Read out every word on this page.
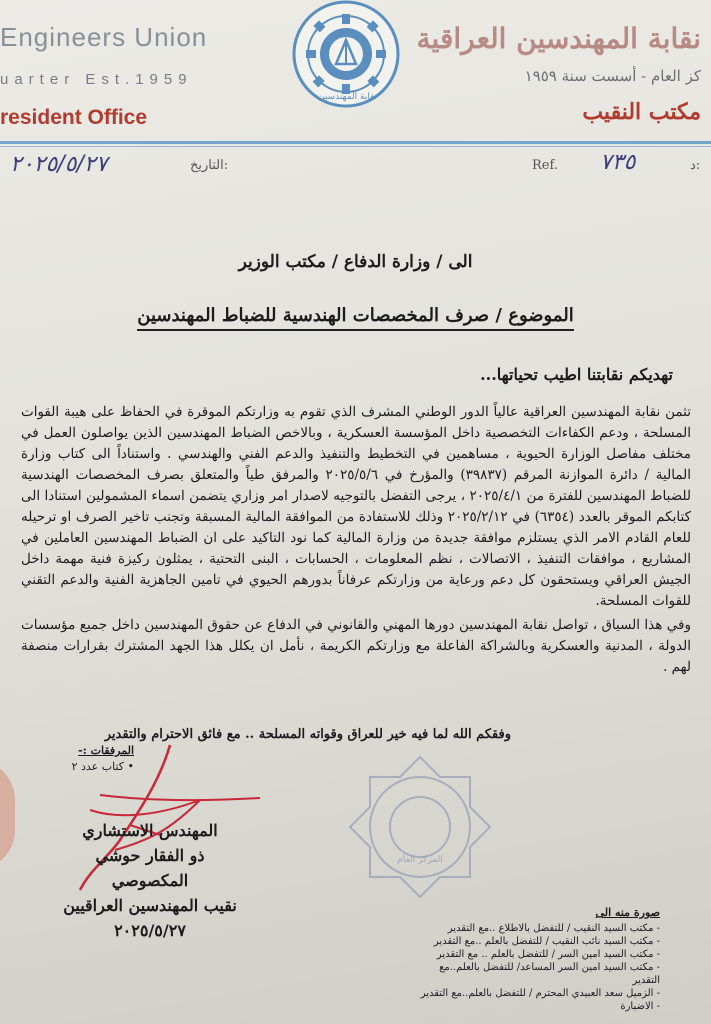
Engineers Union
uarter Est.1959
resident Office
نقابة المهندسين
نقابة المهندسين العراقية
كز العام - أسست سنة ١٩٥٩
مكتب النقيب
٢٠٢٥/٥/٢٧	التاريخ:	Ref. ٧٣٥	د:
الى / وزارة الدفاع / مكتب الوزير
الموضوع / صرف المخصصات الهندسية للضباط المهندسين
تهديكم نقابتنا اطيب تحياتها...
تثمن نقابة المهندسين العراقية عالياً الدور الوطني المشرف الذي تقوم به وزارتكم الموقرة في الحفاظ على هيبة القوات المسلحة ، ودعم الكفاءات التخصصية داخل المؤسسة العسكرية ، وبالاخص الضباط المهندسين الذين يواصلون العمل في مختلف مفاصل الوزارة الحيوية ، مساهمين في التخطيط والتنفيذ والدعم الفني والهندسي . واستناداً الى كتاب وزارة المالية / دائرة الموازنة المرقم (٣٩٨٣٧) والمؤرخ في ٢٠٢٥/٥/٦ والمرفق طياً والمتعلق بصرف المخصصات الهندسية للضباط المهندسين للفترة من ٢٠٢٥/٤/١ ، يرجى التفضل بالتوجيه لاصدار امر وزاري يتضمن اسماء المشمولين استنادا الى كتابكم الموقر بالعدد (٦٣٥٤) في ٢٠٢٥/٢/١٢ وذلك للاستفادة من الموافقة المالية المسبقة وتجنب تاخير الصرف او ترحيله للعام القادم الامر الذي يستلزم موافقة جديدة من وزارة المالية كما نود التاكيد على ان الضباط المهندسين العاملين في المشاريع ، موافقات التنفيذ ، الاتصالات ، نظم المعلومات ، الحسابات ، البنى التحتية ، يمثلون ركيزة فنية مهمة داخل الجيش العراقي ويستحقون كل دعم ورعاية من وزارتكم عرفاناً بدورهم الحيوي في تامين الجاهزية الفنية والدعم التقني للقوات المسلحة.
وفي هذا السياق ، تواصل نقابة المهندسين دورها المهني والقانوني في الدفاع عن حقوق المهندسين داخل جميع مؤسسات الدولة ، المدنية والعسكرية وبالشراكة الفاعلة مع وزارتكم الكريمة ، نأمل ان يكلل هذا الجهد المشترك بقرارات منصفة لهم .
وفقكم الله لما فيه خير للعراق وقواته المسلحة .. مع فائق الاحترام والتقدير
المرفقات :-
• كتاب عدد ٢
المركز العام
المهندس الاستشاري
ذو الفقار حوشي المكصوصي
نقيب المهندسين العراقيين
٢٠٢٥/٥/٢٧
صورة منه الى
- مكتب السيد النقيب / للتفضل بالاطلاع ..مع التقدير
- مكتب السيد نائب النقيب / للتفضل بالعلم ..مع التقدير
- مكتب السيد امين السر / للتفضل بالعلم .. مع التقدير
- مكتب السيد امين السر المساعد/ للتفضل بالعلم..مع التقدير
- الزميل سعد العبيدي المحترم / للتفضل بالعلم..مع التقدير
- الاضبارة
